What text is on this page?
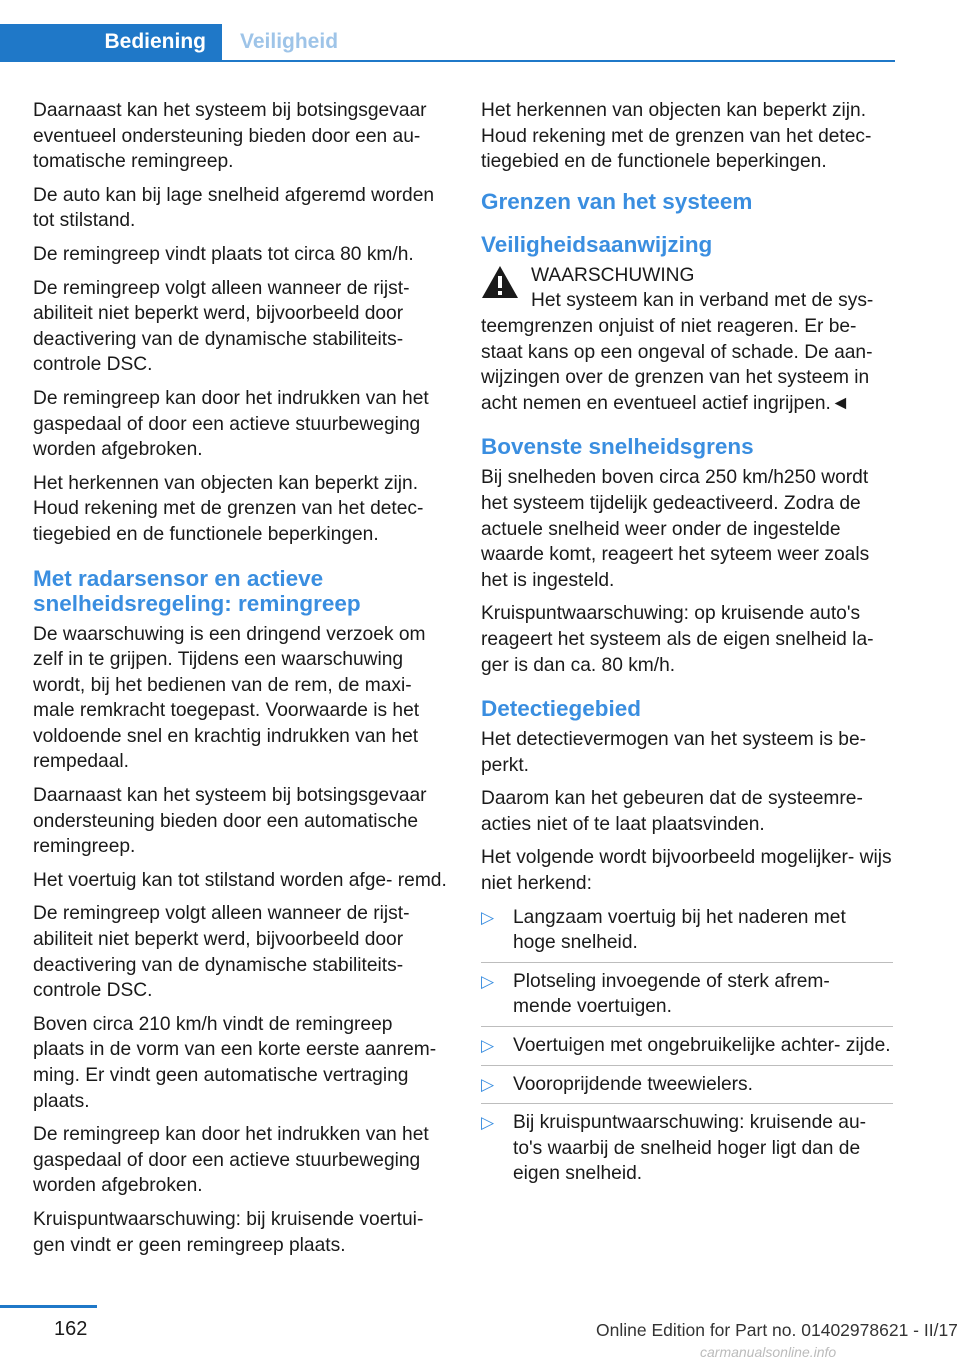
Bediening	Veiligheid

Daarnaast kan het systeem bij botsingsgevaar eventueel ondersteuning bieden door een au‐ tomatische remingreep.

De auto kan bij lage snelheid afgeremd worden tot stilstand.

De remingreep vindt plaats tot circa 80 km/h.

De remingreep volgt alleen wanneer de rijst‐ abiliteit niet beperkt werd, bijvoorbeeld door deactivering van de dynamische stabiliteits‐ controle DSC.

De remingreep kan door het indrukken van het gaspedaal of door een actieve stuurbeweging worden afgebroken.

Het herkennen van objecten kan beperkt zijn. Houd rekening met de grenzen van het detec‐ tiegebied en de functionele beperkingen.

Met radarsensor en actieve snelheidsregeling: remingreep

De waarschuwing is een dringend verzoek om zelf in te grijpen. Tijdens een waarschuwing wordt, bij het bedienen van de rem, de maxi‐ male remkracht toegepast. Voorwaarde is het voldoende snel en krachtig indrukken van het rempedaal.

Daarnaast kan het systeem bij botsingsgevaar ondersteuning bieden door een automatische remingreep.

Het voertuig kan tot stilstand worden afge‐ remd.

De remingreep volgt alleen wanneer de rijst‐ abiliteit niet beperkt werd, bijvoorbeeld door deactivering van de dynamische stabiliteits‐ controle DSC.

Boven circa 210 km/h vindt de remingreep plaats in de vorm van een korte eerste aanrem‐ ming. Er vindt geen automatische vertraging plaats.

De remingreep kan door het indrukken van het gaspedaal of door een actieve stuurbeweging worden afgebroken.

Kruispuntwaarschuwing: bij kruisende voertui‐ gen vindt er geen remingreep plaats.

Het herkennen van objecten kan beperkt zijn. Houd rekening met de grenzen van het detec‐ tiegebied en de functionele beperkingen.

Grenzen van het systeem
Veiligheidsaanwijzing
WAARSCHUWING
Het systeem kan in verband met de sys‐
teemgrenzen onjuist of niet reageren. Er be‐ staat kans op een ongeval of schade. De aan‐ wijzingen over de grenzen van het systeem in acht nemen en eventueel actief ingrijpen.◄
Bovenste snelheidsgrens

Bij snelheden boven circa 250 km/h250 wordt het systeem tijdelijk gedeactiveerd. Zodra de actuele snelheid weer onder de ingestelde waarde komt, reageert het syteem weer zoals het is ingesteld.

Kruispuntwaarschuwing: op kruisende auto's reageert het systeem als de eigen snelheid la‐ ger is dan ca. 80 km/h.

Detectiegebied

Het detectievermogen van het systeem is be‐ perkt.

Daarom kan het gebeuren dat de systeemre‐ acties niet of te laat plaatsvinden.

Het volgende wordt bijvoorbeeld mogelijker‐ wijs niet herkend:

▷ Langzaam voertuig bij het naderen met hoge snelheid.
▷ Plotseling invoegende of sterk afrem‐ mende voertuigen.
▷ Voertuigen met ongebruikelijke achter‐ zijde.
▷ Vooroprijdende tweewielers.
▷ Bij kruispuntwaarschuwing: kruisende au‐ to's waarbij de snelheid hoger ligt dan de eigen snelheid.
162	Online Edition for Part no. 01402978621 - II/17
carmanualsonline.info
